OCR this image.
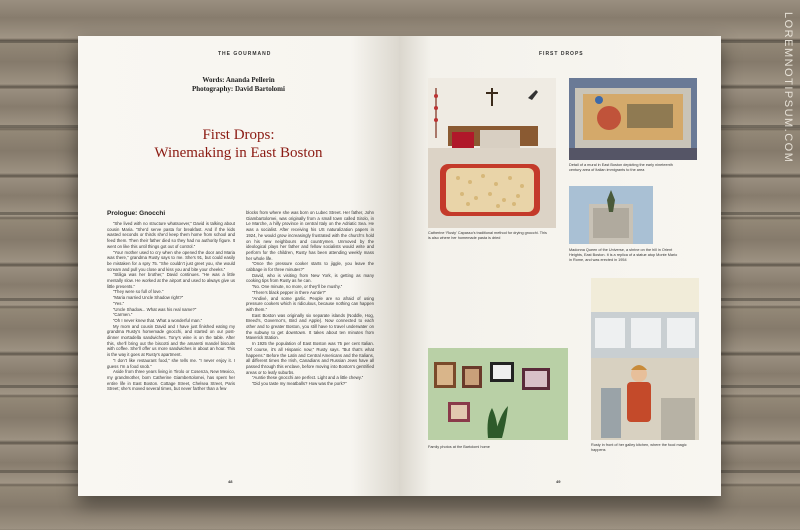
LOREMNOTIPSUM.COM
THE GOURMAND
Words: Ananda Pellerin
Photography: David Bartolomi
First Drops:
Winemaking in East Boston
Prologue: Gnocchi

“She lived with no structure whatsoever,” David is talking about cousin Maria. “She’d serve pasta for breakfast. And if the kids wasted seconds or thirds she’d keep them home from school and feed them. Then their father died so they had no authority figure. It went on like this until things got out of control.”

“Your mother used to cry when she opened the door and Maria was there,” grandma Rusty says to me. She’s 91, but could easily be mistaken for a spry 75. “She couldn’t just greet you, she would scream and pull you close and kiss you and bite your cheeks.”

“Stiliga was her brother,” David continues. “He was a little mentally slow. He worked at the airport and used to always give us little presents.”

“They were so full of love.”

“Maria married Uncle Shadow right?”

“Yes.”

“Uncle Shadow... What was his real name?”

“Carmen.”

“Oh I never knew that. What a wonderful man.”

My mom and cousin David and I have just finished eating my grandma Rusty’s homemade gnocchi, and started on our post-dinner mortadella sandwiches. Tony’s wine is on the table. After this, she’ll bring out the biscotti and the amaretti mandel biscuits with coffee. She’ll offer us more sandwiches in about an hour. This is the way it goes at Rusty’s apartment.

“I don’t like restaurant food,” she tells me. “I never enjoy it. I guess I’m a food snob.”

Aside from three years living in Tirolo or Cosenza, New Mexico, my grandmother, born Catherine Giambertolomei, has spent her entire life in East Boston. Cottage Street, Chelsea Street, Paris Street; she’s moved several times, but never farther than a few

blocks from where she was born on Lubec Street. Her father, John Giambartolomei, was originally from a small town called Sirolo, in Le Marche, a hilly province in central Italy on the Adriatic Sea. He was a socialist. After receiving his US naturalization papers in 1924, he would grow increasingly frustrated with the church’s hold on his new neighbours and countrymen. Unmoved by the ideological plays her father and fellow socialists would write and perform for the children, Rusty has been attending weekly mass her whole life.

“Once the pressure cooker starts to jiggle, you leave the cabbage in for three minutes?”

David, who is visiting from New York, is getting as many cooking tips from Rusty as he can.

“No. One minute, no more, or they’ll be mushy.”

“There’s black pepper in there Auntie?”

“Andivé, and some garlic. People are so afraid of using pressure cookers which is ridiculous, because nothing can happen with them.”

East Boston was originally six separate islands (Noddle, Hog, Breed’s, Governor’s, Bird and Apple). Now connected to each other and to greater Boston, you still have to travel underwater on the subway to get downtown. It takes about ten minutes from Maverick Station.

In 1925 the population of East Boston was 75 per cent Italian. “Of course, it’s all Hispanic now,” Rusty says. “But that’s what happens.” Before the Latin and Central Americans and the Italians, all different times the Irish, Canadians and Russian Jews have all passed through this enclave, before moving into Boston’s gentrified areas or to leafy suburbs.

“Auntie these gnocchi are perfect. Light and a little chewy.”

“Did you taste my meatballs? How was the pork?”

48
FIRST DROPS
Catherine ‘Rusty’ Capasso’s traditional method for drying gnocchi. This is also where her homemade pasta is dried
Detail of a mural in East Boston depicting the early nineteenth century area of Italian immigrants to the area
Madonna Queen of the Universe, a shrine on the hill in Orient Heights, East Boston. It is a replica of a statue atop Monte Mario in Rome, and was erected in 1954
Family photos at the Bartolomi home	Rusty in front of her galley kitchen, where the food magic happens
49
